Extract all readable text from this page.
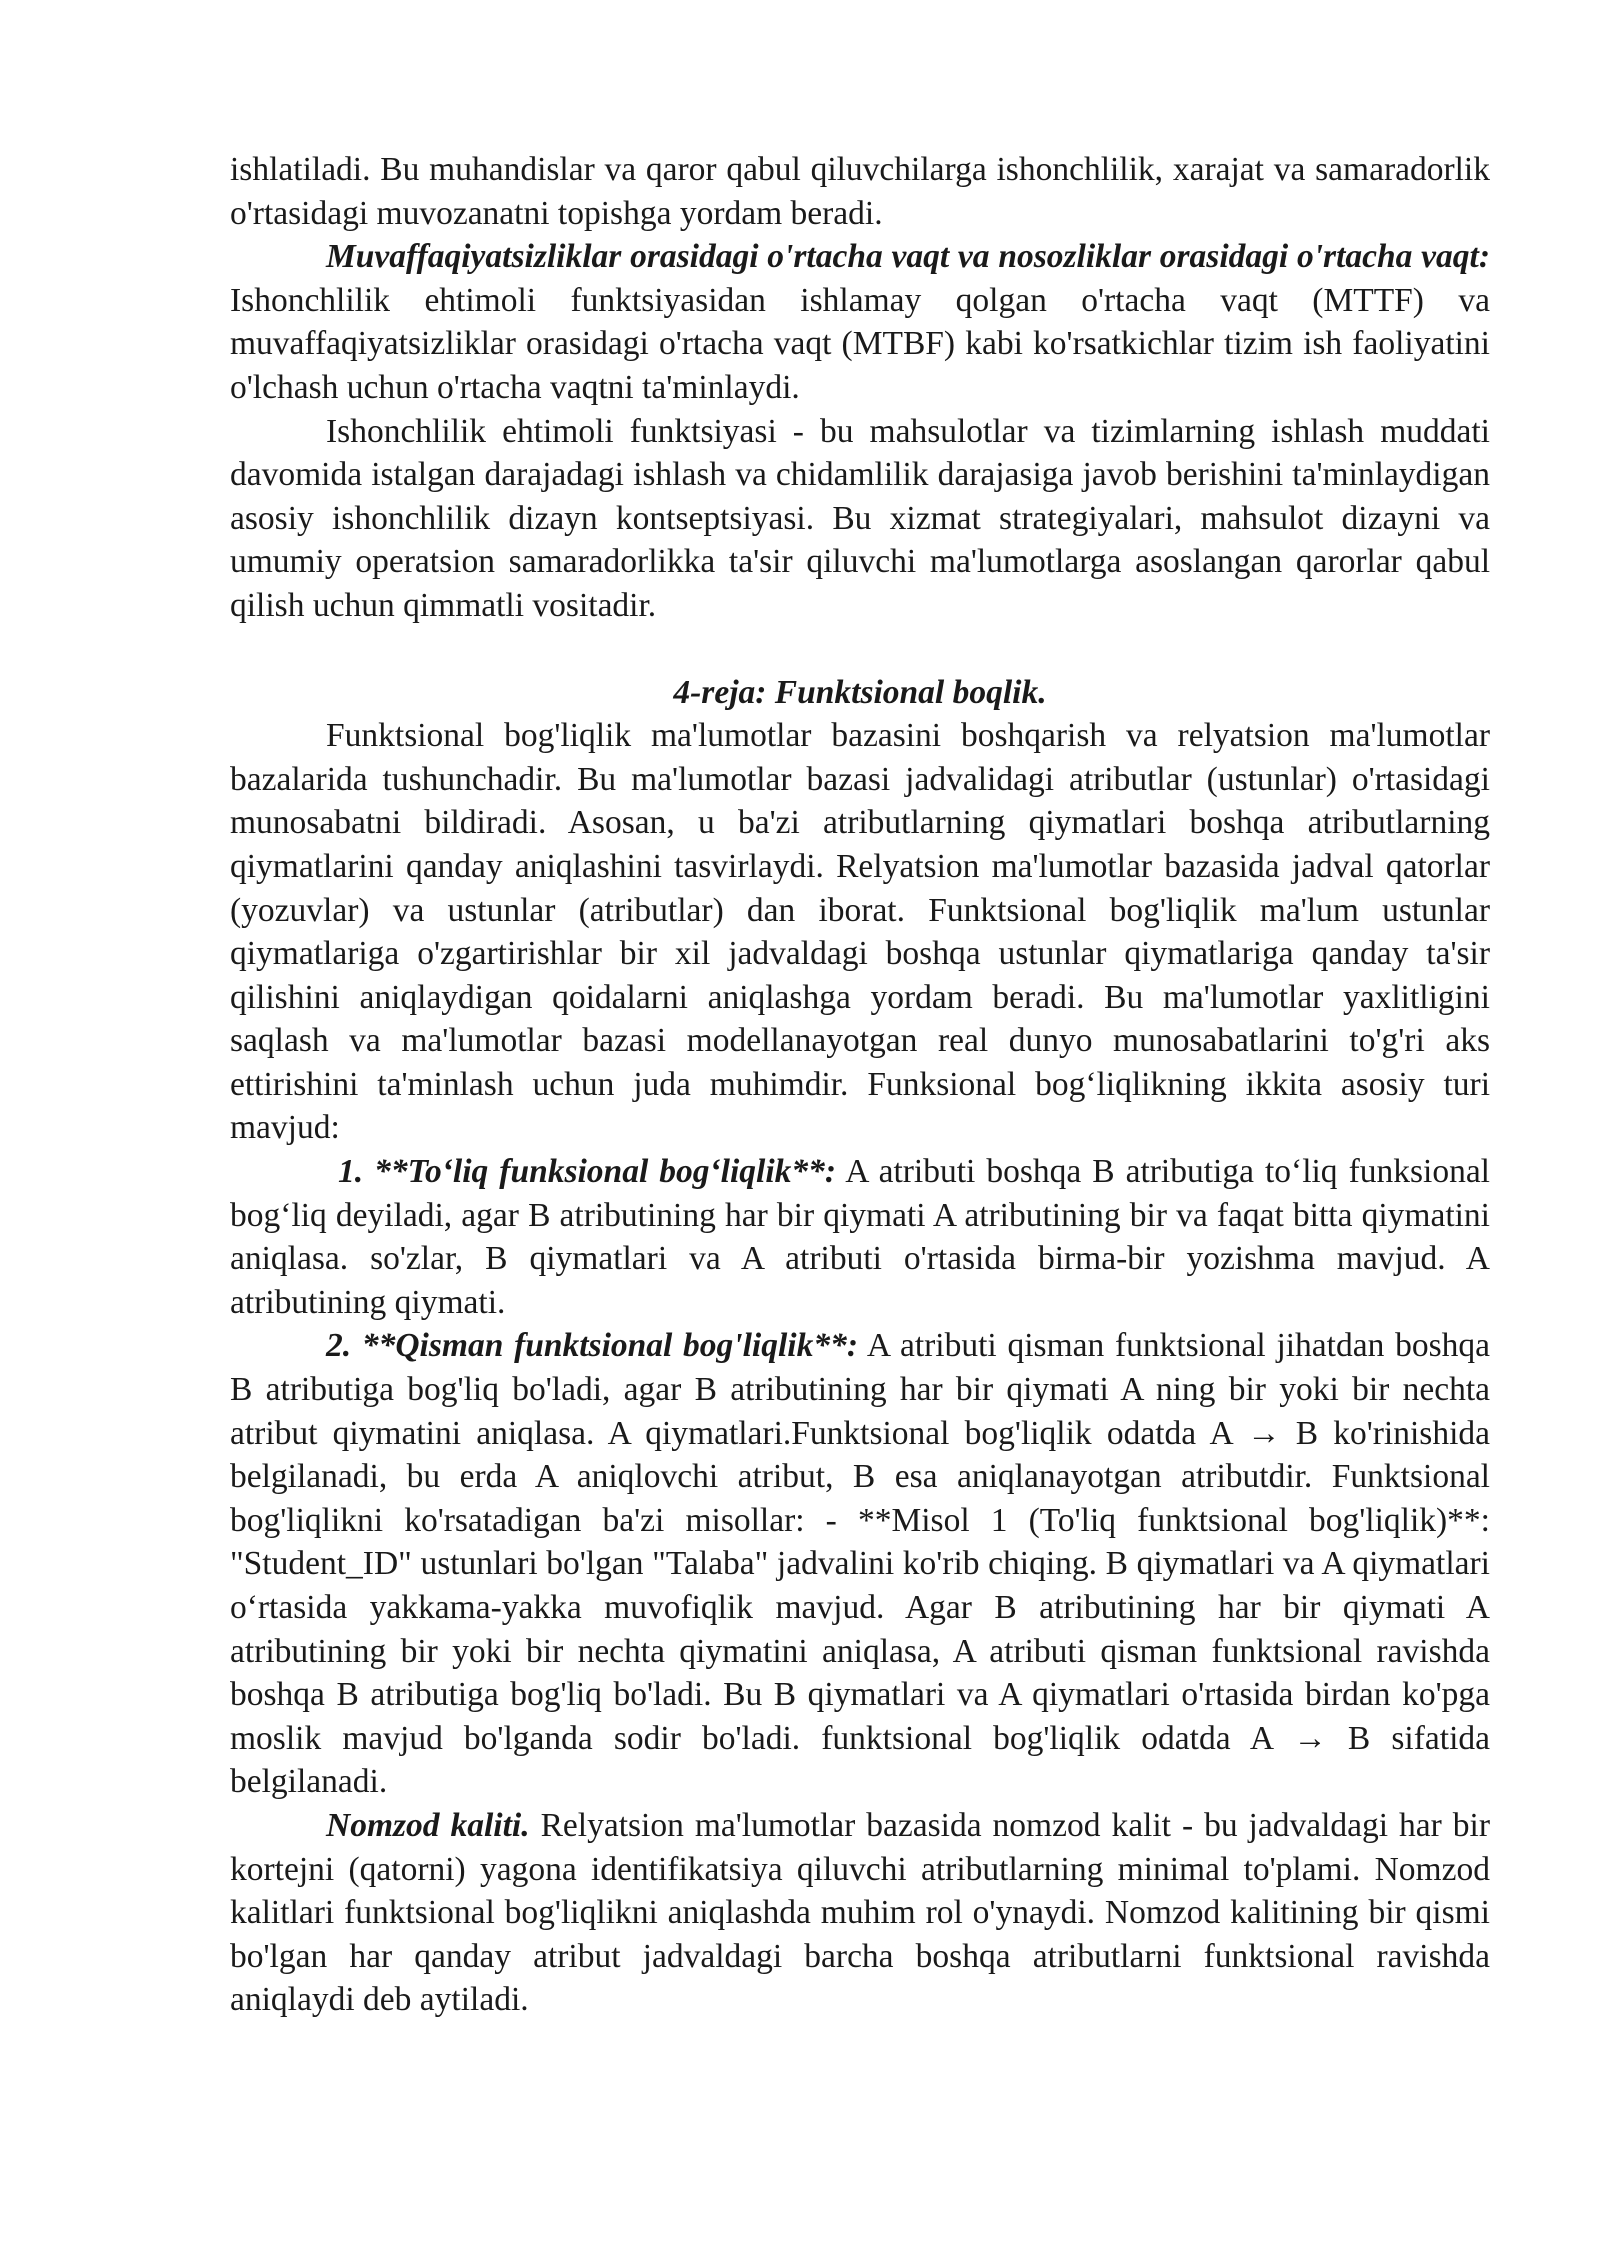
ishlatiladi. Bu muhandislar va qaror qabul qiluvchilarga ishonchlilik, xarajat va samaradorlik o'rtasidagi muvozanatni topishga yordam beradi.

Muvaffaqiyatsizliklar orasidagi o'rtacha vaqt va nosozliklar orasidagi o'rtacha vaqt: Ishonchlilik ehtimoli funktsiyasidan ishlamay qolgan o'rtacha vaqt (MTTF) va muvaffaqiyatsizliklar orasidagi o'rtacha vaqt (MTBF) kabi ko'rsatkichlar tizim ish faoliyatini o'lchash uchun o'rtacha vaqtni ta'minlaydi.

Ishonchlilik ehtimoli funktsiyasi - bu mahsulotlar va tizimlarning ishlash muddati davomida istalgan darajadagi ishlash va chidamlilik darajasiga javob berishini ta'minlaydigan asosiy ishonchlilik dizayn kontseptsiyasi. Bu xizmat strategiyalari, mahsulot dizayni va umumiy operatsion samaradorlikka ta'sir qiluvchi ma'lumotlarga asoslangan qarorlar qabul qilish uchun qimmatli vositadir.

4-reja: Funktsional boqlik.

Funktsional bog'liqlik ma'lumotlar bazasini boshqarish va relyatsion ma'lumotlar bazalarida tushunchadir. Bu ma'lumotlar bazasi jadvalidagi atributlar (ustunlar) o'rtasidagi munosabatni bildiradi. Asosan, u ba'zi atributlarning qiymatlari boshqa atributlarning qiymatlarini qanday aniqlashini tasvirlaydi. Relyatsion ma'lumotlar bazasida jadval qatorlar (yozuvlar) va ustunlar (atributlar) dan iborat. Funktsional bog'liqlik ma'lum ustunlar qiymatlariga o'zgartirishlar bir xil jadvaldagi boshqa ustunlar qiymatlariga qanday ta'sir qilishini aniqlaydigan qoidalarni aniqlashga yordam beradi. Bu ma'lumotlar yaxlitligini saqlash va ma'lumotlar bazasi modellanayotgan real dunyo munosabatlarini to'g'ri aks ettirishini ta'minlash uchun juda muhimdir. Funksional bog‘liqlikning ikkita asosiy turi mavjud:

1. **To‘liq funksional bog‘liqlik**: A atributi boshqa B atributiga to‘liq funksional bog‘liq deyiladi, agar B atributining har bir qiymati A atributining bir va faqat bitta qiymatini aniqlasa. so'zlar, B qiymatlari va A atributi o'rtasida birma-bir yozishma mavjud. A atributining qiymati.

2. **Qisman funktsional bog'liqlik**: A atributi qisman funktsional jihatdan boshqa B atributiga bog'liq bo'ladi, agar B atributining har bir qiymati A ning bir yoki bir nechta atribut qiymatini aniqlasa. A qiymatlari.Funktsional bog'liqlik odatda A → B ko'rinishida belgilanadi, bu erda A aniqlovchi atribut, B esa aniqlanayotgan atributdir. Funktsional bog'liqlikni ko'rsatadigan ba'zi misollar: - **Misol 1 (To'liq funktsional bog'liqlik)**: "Student_ID" ustunlari bo'lgan "Talaba" jadvalini ko'rib chiqing. B qiymatlari va A qiymatlari o‘rtasida yakkama-yakka muvofiqlik mavjud. Agar B atributining har bir qiymati A atributining bir yoki bir nechta qiymatini aniqlasa, A atributi qisman funktsional ravishda boshqa B atributiga bog'liq bo'ladi. Bu B qiymatlari va A qiymatlari o'rtasida birdan ko'pga moslik mavjud bo'lganda sodir bo'ladi. funktsional bog'liqlik odatda A → B sifatida belgilanadi.

Nomzod kaliti. Relyatsion ma'lumotlar bazasida nomzod kalit - bu jadvaldagi har bir kortejni (qatorni) yagona identifikatsiya qiluvchi atributlarning minimal to'plami. Nomzod kalitlari funktsional bog'liqlikni aniqlashda muhim rol o'ynaydi. Nomzod kalitining bir qismi bo'lgan har qanday atribut jadvaldagi barcha boshqa atributlarni funktsional ravishda aniqlaydi deb aytiladi.
